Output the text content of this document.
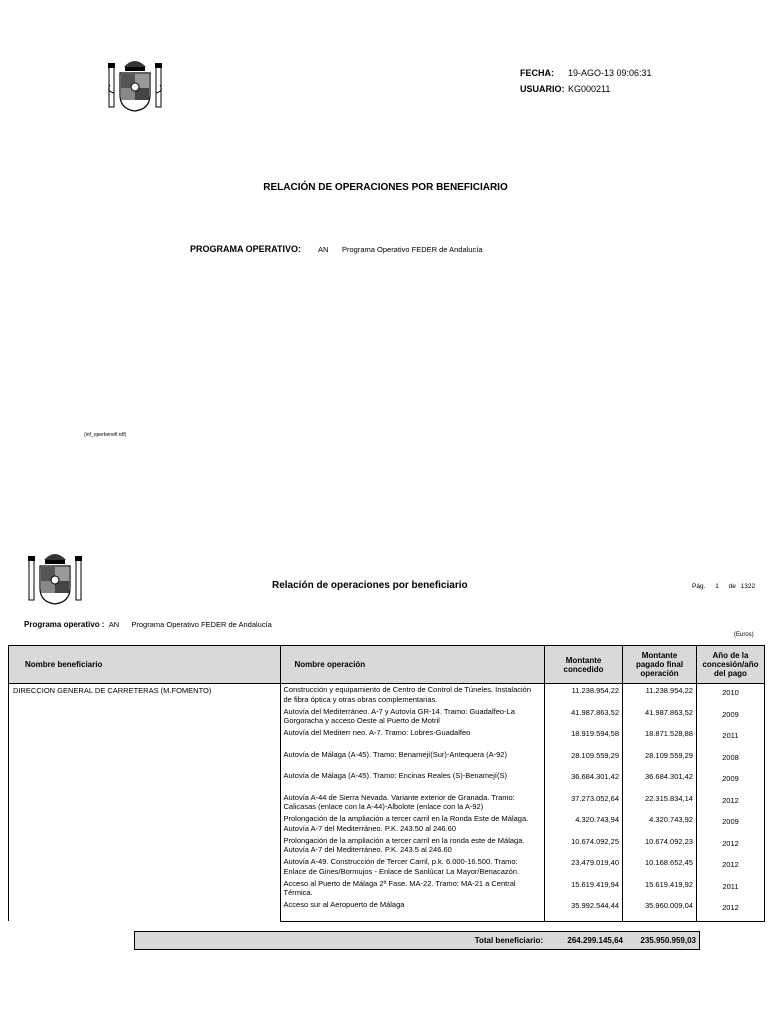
FECHA: 19-AGO-13 09:06:31
USUARIO: KG000211
RELACIÓN DE OPERACIONES POR BENEFICIARIO
PROGRAMA OPERATIVO: AN Programa Operativo FEDER de Andalucía
(inf_operbenefi.rdf)
Relación de operaciones por beneficiario	Pág. 1 de 1322
Programa operativo : AN Programa Operativo FEDER de Andalucía
(Euros)
Nombre beneficiario	Nombre operación	Montante concedido	Montante pagado final operación	Año de la concesión/año del pago
DIRECCION GENERAL DE CARRETERAS (M.FOMENTO)	Construcción y equipamiento de Centro de Control de Túneles. Instalación de fibra óptica y otras obras complementarias.	11.238.954,22	11.238.954,22	2010
	Autovía del Mediterráneo. A-7 y Autovía GR-14. Tramo: Guadalfeo-La Gorgoracha y acceso Oeste al Puerto de Motril	41.987.863,52	41.987.863,52	2009
	Autovía del Mediterr neo. A-7. Tramo: Lobres-Guadalfeo	18.919.594,58	18.871.528,88	2011
	Autovía de Málaga (A-45). Tramo: Benamejí(Sur)-Antequera (A-92)	28.109.559,29	28.109.559,29	2008
	Autovía de Málaga (A-45). Tramo: Encinas Reales (S)-Benamejí(S)	36.684.301,42	36.684.301,42	2009
	Autovía A-44 de Sierra Nevada. Variante exterior de Granada. Tramo: Calicasas (enlace con la A-44)-Albolote (enlace con la A-92)	37.273.052,64	22.315.834,14	2012
	Prolongación de la ampliación a tercer carril en la Ronda Este de Málaga. Autovía A-7 del Mediterráneo. P.K. 243.50 al 246.60	4.320.743,94	4.320.743,92	2009
	Prolongación de la ampliación a tercer carril en la ronda este de Málaga. Autovía A-7 del Mediterráneo. P.K. 243.5 al 246.60	10.674.092,25	10.674.092,23	2012
	Autovía A-49. Construcción de Tercer Carril, p.k. 6.000-16.500. Tramo: Enlace de Gines/Bormujos - Enlace de Sanlúcar La Mayor/Benacazón.	23.479.019,40	10.168.652,45	2012
	Acceso al Puerto de Málaga 2ª Fase. MA-22. Tramo: MA-21 a Central Térmica.	15.619.419,94	15.619.419,92	2011
	Acceso sur al Aeropuerto de Málaga	35.992.544,44	35.960.009,04	2012
Total beneficiario:	264.299.145,64 235.950.959,03
